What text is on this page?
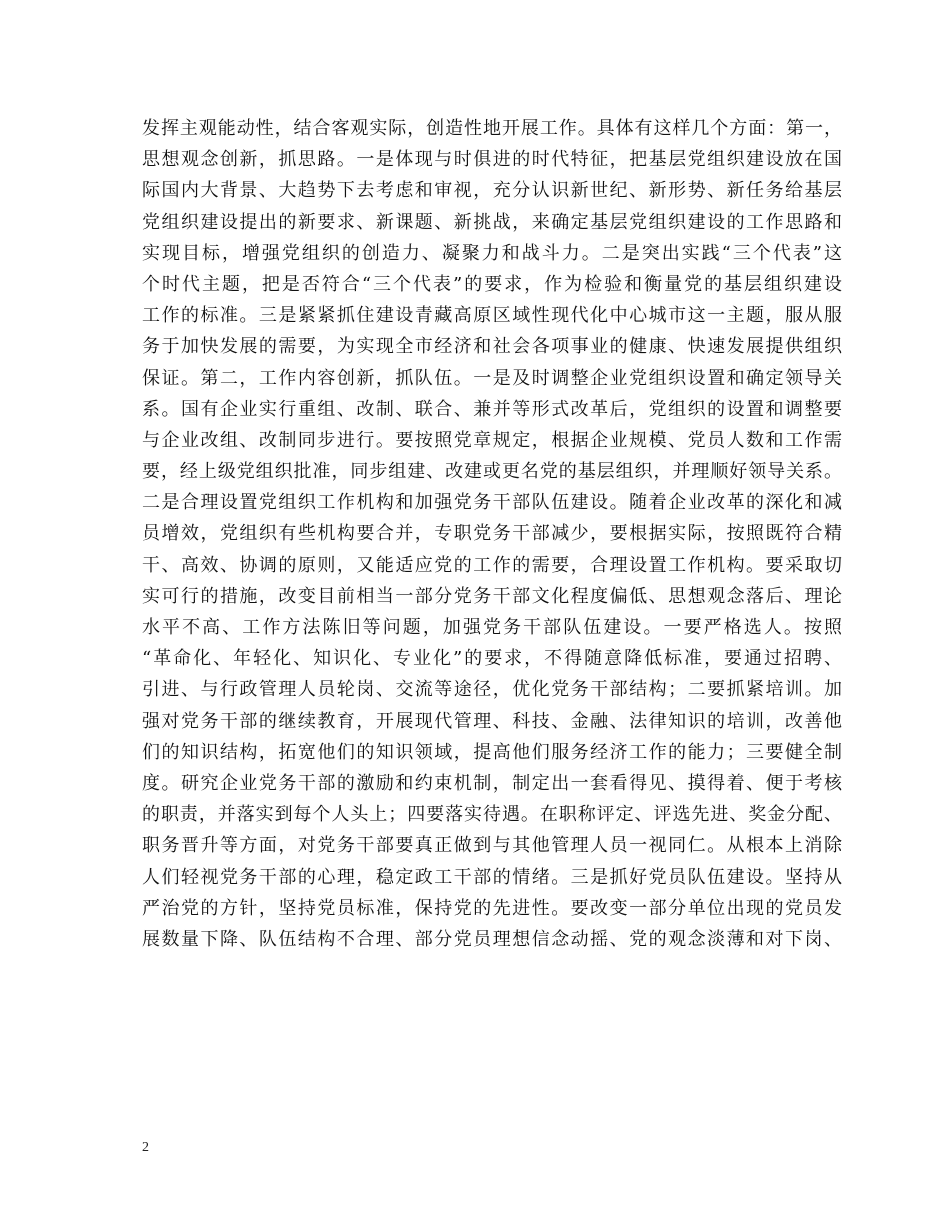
发挥主观能动性，结合客观实际，创造性地开展工作。具体有这样几个方面：第一，
思想观念创新，抓思路。一是体现与时俱进的时代特征，把基层党组织建设放在国
际国内大背景、大趋势下去考虑和审视，充分认识新世纪、新形势、新任务给基层
党组织建设提出的新要求、新课题、新挑战，来确定基层党组织建设的工作思路和
实现目标，增强党组织的创造力、凝聚力和战斗力。二是突出实践“三个代表”这
个时代主题，把是否符合“三个代表”的要求，作为检验和衡量党的基层组织建设
工作的标准。三是紧紧抓住建设青藏高原区域性现代化中心城市这一主题，服从服
务于加快发展的需要，为实现全市经济和社会各项事业的健康、快速发展提供组织
保证。第二，工作内容创新，抓队伍。一是及时调整企业党组织设置和确定领导关
系。国有企业实行重组、改制、联合、兼并等形式改革后，党组织的设置和调整要
与企业改组、改制同步进行。要按照党章规定，根据企业规模、党员人数和工作需
要，经上级党组织批准，同步组建、改建或更名党的基层组织，并理顺好领导关系。
二是合理设置党组织工作机构和加强党务干部队伍建设。随着企业改革的深化和减
员增效，党组织有些机构要合并，专职党务干部减少，要根据实际，按照既符合精
干、高效、协调的原则，又能适应党的工作的需要，合理设置工作机构。要采取切
实可行的措施，改变目前相当一部分党务干部文化程度偏低、思想观念落后、理论
水平不高、工作方法陈旧等问题，加强党务干部队伍建设。一要严格选人。按照
“革命化、年轻化、知识化、专业化”的要求，不得随意降低标准，要通过招聘、
引进、与行政管理人员轮岗、交流等途径，优化党务干部结构；二要抓紧培训。加
强对党务干部的继续教育，开展现代管理、科技、金融、法律知识的培训，改善他
们的知识结构，拓宽他们的知识领域，提高他们服务经济工作的能力；三要健全制
度。研究企业党务干部的激励和约束机制，制定出一套看得见、摸得着、便于考核
的职责，并落实到每个人头上；四要落实待遇。在职称评定、评选先进、奖金分配、
职务晋升等方面，对党务干部要真正做到与其他管理人员一视同仁。从根本上消除
人们轻视党务干部的心理，稳定政工干部的情绪。三是抓好党员队伍建设。坚持从
严治党的方针，坚持党员标准，保持党的先进性。要改变一部分单位出现的党员发
展数量下降、队伍结构不合理、部分党员理想信念动摇、党的观念淡薄和对下岗、
2
